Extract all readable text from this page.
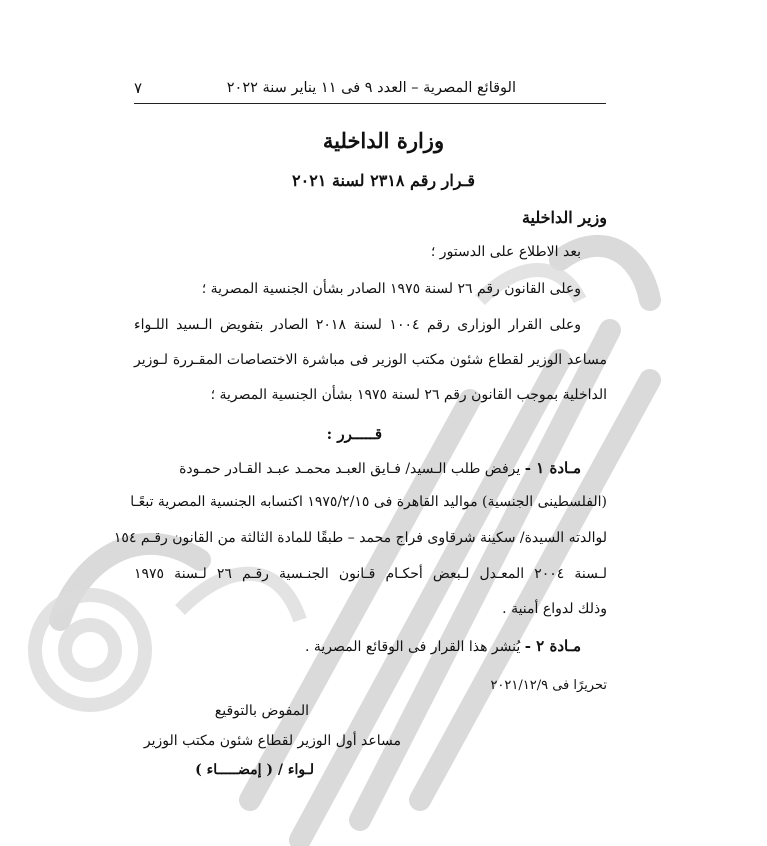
٧	الوقائع المصرية – العدد ٩ فى ١١ يناير سنة ٢٠٢٢
وزارة الداخلية
قـرار رقم ٢٣١٨ لسنة ٢٠٢١
وزير الداخلية
بعد الاطلاع على الدستور ؛
وعلى القانون رقم ٢٦ لسنة ١٩٧٥ الصادر بشأن الجنسية المصرية ؛
وعلى القرار الوزارى رقم ١٠٠٤ لسنة ٢٠١٨ الصادر بتفويض الـسيد اللـواء
مساعد الوزير لقطاع شئون مكتب الوزير فى مباشرة الاختصاصات المقـررة لـوزير
الداخلية بموجب القانون رقم ٢٦ لسنة ١٩٧٥ بشأن الجنسية المصرية ؛
قـــــرر :
مـادة ١ - يرفض طلب الـسيد/ فـايق العبـد محمـد عبـد القـادر حمـودة
(الفلسطينى الجنسية) مواليد القاهرة فى ١٩٧٥/٢/١٥ اكتسابه الجنسية المصرية تبعًـا
لوالدته السيدة/ سكينة شرقاوى فراج محمد – طبقًا للمادة الثالثة من القانون رقـم ١٥٤
لـسنة ٢٠٠٤ المعـدل لـبعض أحكـام قـانون الجنـسية رقـم ٢٦ لـسنة ١٩٧٥
وذلك لدواع أمنية .
مـادة ٢ - يُنشر هذا القرار فى الوقائع المصرية .
تحريرًا فى ٢٠٢١/١٢/٩
المفوض بالتوقيع
مساعد أول الوزير لقطاع شئون مكتب الوزير
لـواء / ( إمضـــــاء )
